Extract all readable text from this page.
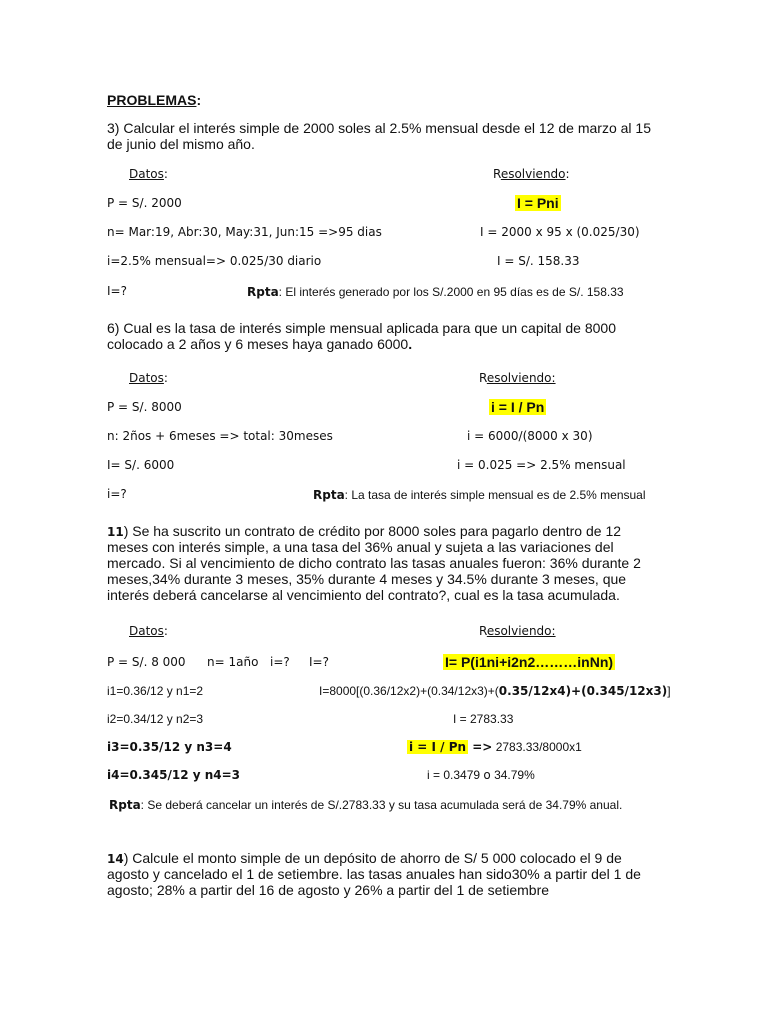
PROBLEMAS:
3) Calcular el interés simple de 2000 soles al 2.5% mensual desde el 12 de marzo al 15 de junio del mismo año.
Datos:	Resolviendo:
P = S/. 2000	I = Pni
n= Mar:19, Abr:30, May:31, Jun:15 =>95 dias	I = 2000 x 95 x (0.025/30)
i=2.5% mensual=> 0.025/30 diario	I = S/. 158.33
I=?	Rpta: El interés generado por los S/.2000 en 95 días es de S/. 158.33
6) Cual es la tasa de interés simple mensual aplicada para que un capital de 8000 colocado a 2 años y 6 meses haya ganado 6000.
Datos:	Resolviendo:
P = S/. 8000	i = I / Pn
n: 2ños + 6meses => total: 30meses	i = 6000/(8000 x 30)
I= S/. 6000	i = 0.025 => 2.5% mensual
i=?	Rpta: La tasa de interés simple mensual es de 2.5% mensual
11) Se ha suscrito un contrato de crédito por 8000 soles para pagarlo dentro de 12 meses con interés simple, a una tasa del 36% anual y sujeta a las variaciones del mercado. Si al vencimiento de dicho contrato las tasas anuales fueron: 36% durante 2 meses,34% durante 3 meses, 35% durante 4 meses y 34.5% durante 3 meses, que interés deberá cancelarse al vencimiento del contrato?, cual es la tasa acumulada.
Datos:	Resolviendo:
P = S/. 8 000 n= 1año i=? I=?	I= P(i1ni+i2n2………inNn)
i1=0.36/12 y n1=2	I=8000[(0.36/12x2)+(0.34/12x3)+(0.35/12x4)+(0.345/12x3)]
i2=0.34/12 y n2=3	I = 2783.33
i3=0.35/12 y n3=4	i = I / Pn => 2783.33/8000x1
i4=0.345/12 y n4=3	i = 0.3479 o 34.79%
Rpta: Se deberá cancelar un interés de S/.2783.33 y su tasa acumulada será de 34.79% anual.
14) Calcule el monto simple de un depósito de ahorro de S/ 5 000 colocado el 9 de agosto y cancelado el 1 de setiembre. las tasas anuales han sido30% a partir del 1 de agosto; 28% a partir del 16 de agosto y 26% a partir del 1 de setiembre
